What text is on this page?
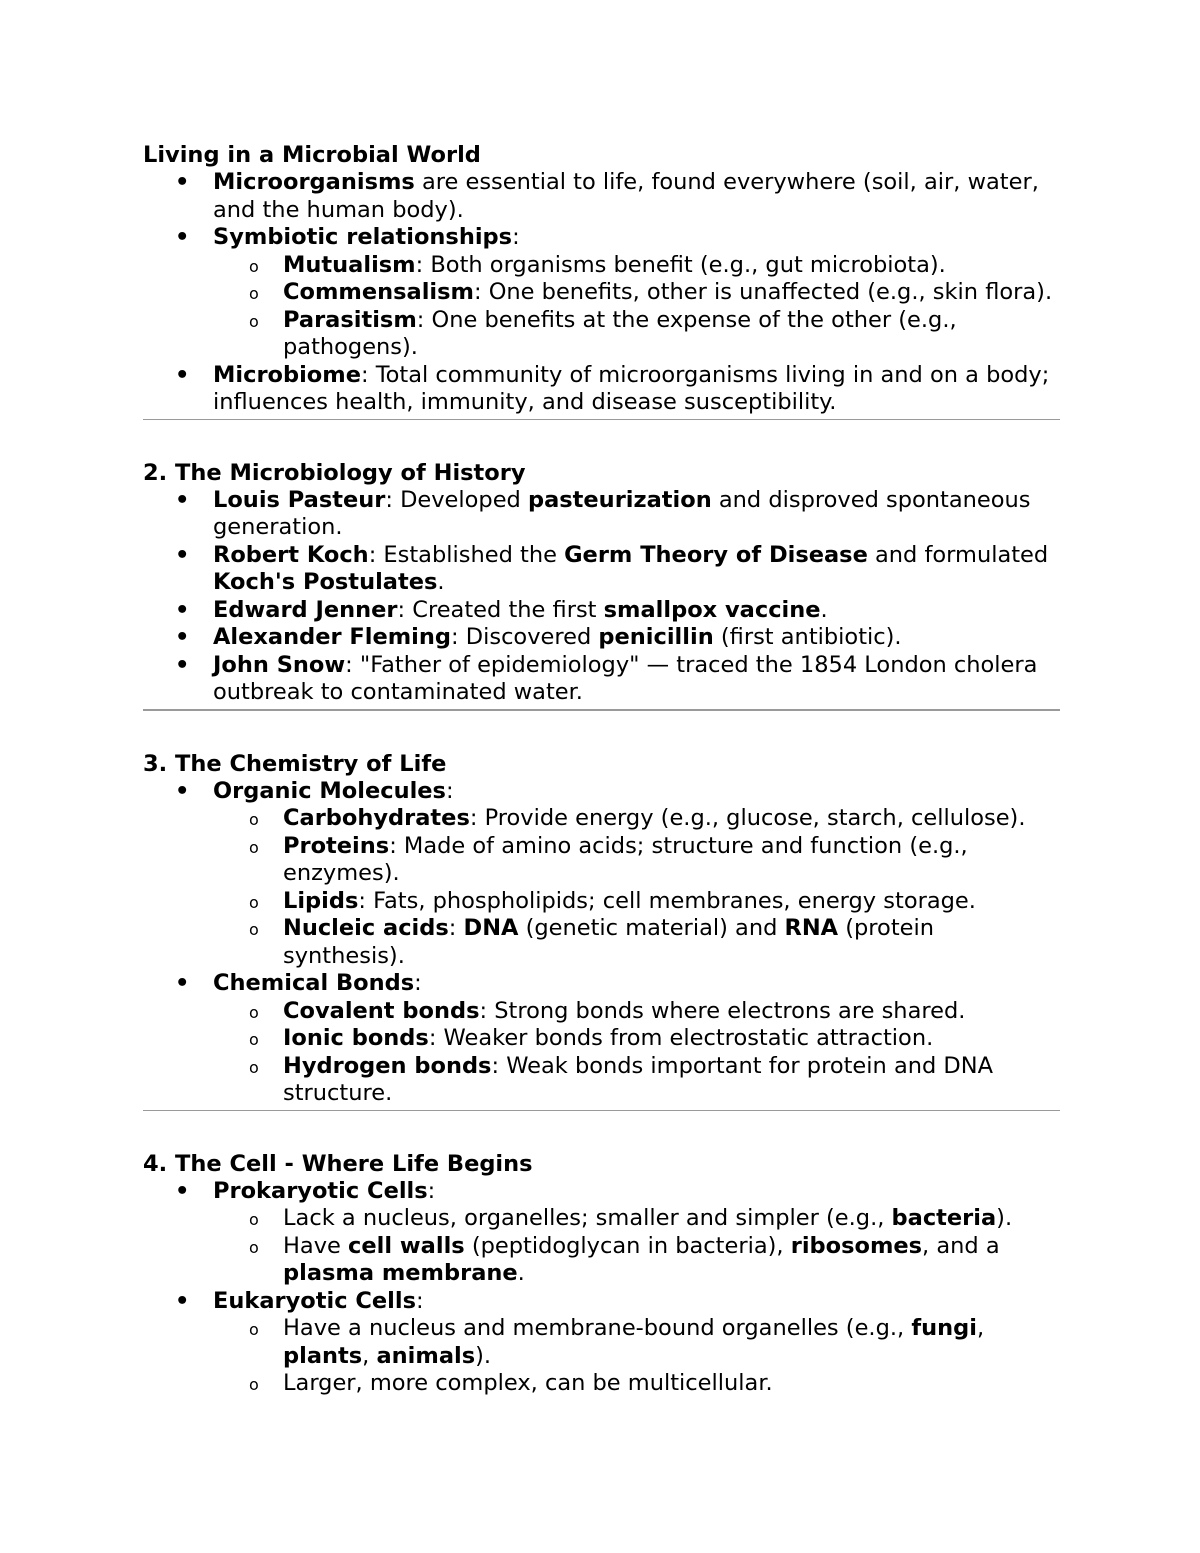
Living in a Microbial World
• Microorganisms are essential to life, found everywhere (soil, air, water, and the human body).
• Symbiotic relationships:
o Mutualism: Both organisms benefit (e.g., gut microbiota).
o Commensalism: One benefits, other is unaffected (e.g., skin flora).
o Parasitism: One benefits at the expense of the other (e.g., pathogens).
• Microbiome: Total community of microorganisms living in and on a body; influences health, immunity, and disease susceptibility.
2. The Microbiology of History
• Louis Pasteur: Developed pasteurization and disproved spontaneous generation.
• Robert Koch: Established the Germ Theory of Disease and formulated Koch's Postulates.
• Edward Jenner: Created the first smallpox vaccine.
• Alexander Fleming: Discovered penicillin (first antibiotic).
• John Snow: "Father of epidemiology" — traced the 1854 London cholera outbreak to contaminated water.
3. The Chemistry of Life
• Organic Molecules:
o Carbohydrates: Provide energy (e.g., glucose, starch, cellulose).
o Proteins: Made of amino acids; structure and function (e.g., enzymes).
o Lipids: Fats, phospholipids; cell membranes, energy storage.
o Nucleic acids: DNA (genetic material) and RNA (protein synthesis).
• Chemical Bonds:
o Covalent bonds: Strong bonds where electrons are shared.
o Ionic bonds: Weaker bonds from electrostatic attraction.
o Hydrogen bonds: Weak bonds important for protein and DNA structure.
4. The Cell - Where Life Begins
• Prokaryotic Cells:
o Lack a nucleus, organelles; smaller and simpler (e.g., bacteria).
o Have cell walls (peptidoglycan in bacteria), ribosomes, and a plasma membrane.
• Eukaryotic Cells:
o Have a nucleus and membrane-bound organelles (e.g., fungi, plants, animals).
o Larger, more complex, can be multicellular.
